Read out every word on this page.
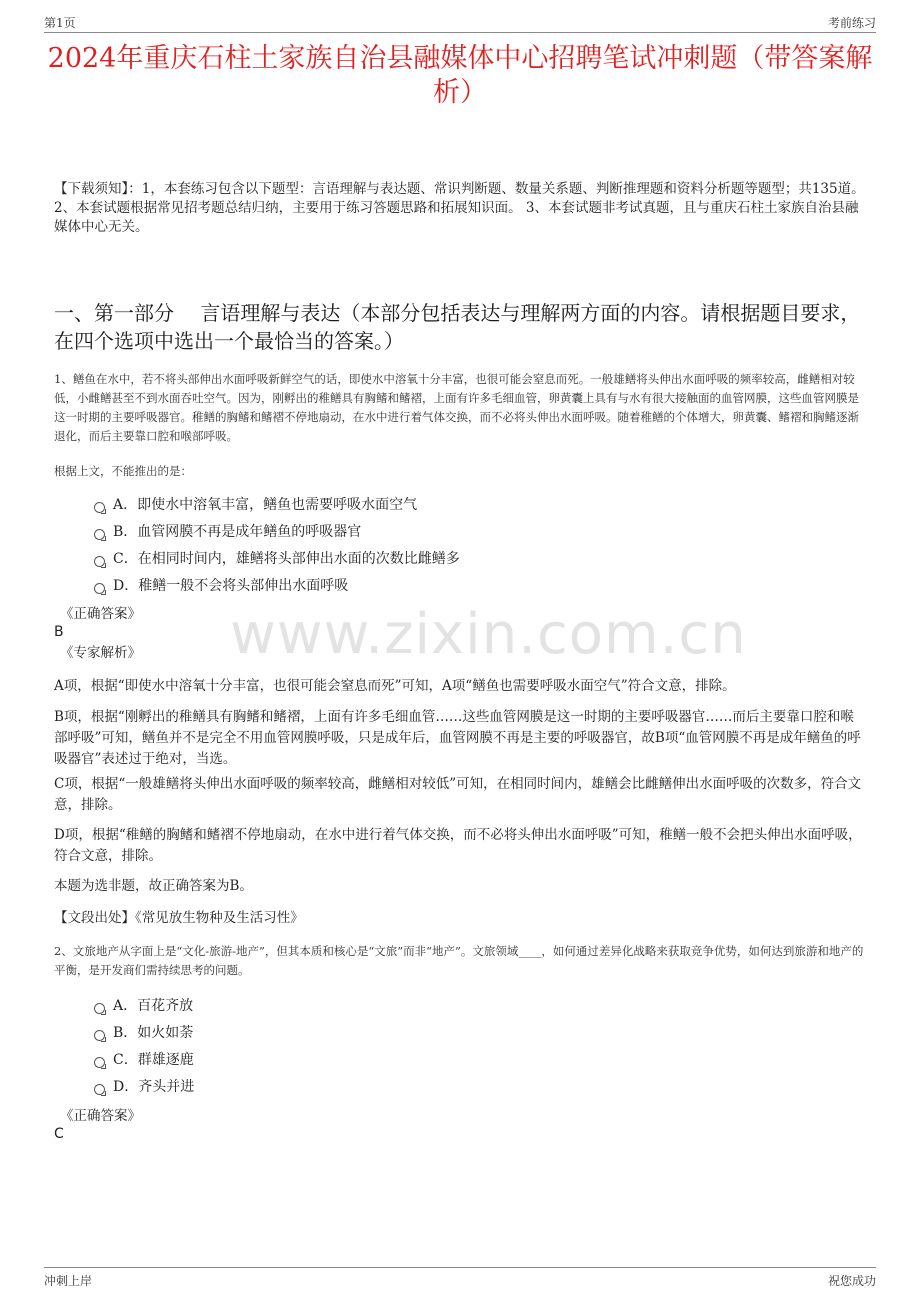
第1页	考前练习
2024年重庆石柱土家族自治县融媒体中心招聘笔试冲刺题（带答案解析）
【下载须知】：1，本套练习包含以下题型：言语理解与表达题、常识判断题、数量关系题、判断推理题和资料分析题等题型；共135道。 2、本套试题根据常见招考题总结归纳，主要用于练习答题思路和拓展知识面。 3、本套试题非考试真题，且与重庆石柱土家族自治县融媒体中心无关。
一、第一部分　 言语理解与表达（本部分包括表达与理解两方面的内容。请根据题目要求，在四个选项中选出一个最恰当的答案。）
www.zixin.com.cn
1、鳝鱼在水中，若不将头部伸出水面呼吸新鲜空气的话，即使水中溶氧十分丰富，也很可能会窒息而死。一般雄鳝将头伸出水面呼吸的频率较高，雌鳝相对较低，小雌鳝甚至不到水面吞吐空气。因为，刚孵出的稚鳝具有胸鳍和鳍褶，上面有许多毛细血管，卵黄囊上具有与水有很大接触面的血管网膜，这些血管网膜是这一时期的主要呼吸器官。稚鳝的胸鳍和鳍褶不停地扇动，在水中进行着气体交换，而不必将头伸出水面呼吸。随着稚鳝的个体增大，卵黄囊、鳍褶和胸鳍逐渐退化，而后主要靠口腔和喉部呼吸。
根据上文，不能推出的是：
A．即使水中溶氧丰富，鳝鱼也需要呼吸水面空气
B．血管网膜不再是成年鳝鱼的呼吸器官
C．在相同时间内，雄鳝将头部伸出水面的次数比雌鳝多
D．稚鳝一般不会将头部伸出水面呼吸
《正确答案》
B
《专家解析》
A项，根据“即使水中溶氧十分丰富，也很可能会窒息而死”可知，A项“鳝鱼也需要呼吸水面空气”符合文意，排除。
B项，根据“刚孵出的稚鳝具有胸鳍和鳍褶，上面有许多毛细血管……这些血管网膜是这一时期的主要呼吸器官……而后主要靠口腔和喉部呼吸”可知，鳝鱼并不是完全不用血管网膜呼吸，只是成年后，血管网膜不再是主要的呼吸器官，故B项“血管网膜不再是成年鳝鱼的呼吸器官”表述过于绝对，当选。
C项，根据“一般雄鳝将头伸出水面呼吸的频率较高，雌鳝相对较低”可知，在相同时间内，雄鳝会比雌鳝伸出水面呼吸的次数多，符合文意，排除。
D项，根据“稚鳝的胸鳍和鳍褶不停地扇动，在水中进行着气体交换，而不必将头伸出水面呼吸”可知，稚鳝一般不会把头伸出水面呼吸，符合文意，排除。
本题为选非题，故正确答案为B。
【文段出处】《常见放生物种及生活习性》
2、文旅地产从字面上是“文化-旅游-地产”，但其本质和核心是“文旅”而非“地产”。文旅领域____，如何通过差异化战略来获取竞争优势，如何达到旅游和地产的平衡，是开发商们需持续思考的问题。
A．百花齐放
B．如火如荼
C．群雄逐鹿
D．齐头并进
《正确答案》
C
冲刺上岸	祝您成功
